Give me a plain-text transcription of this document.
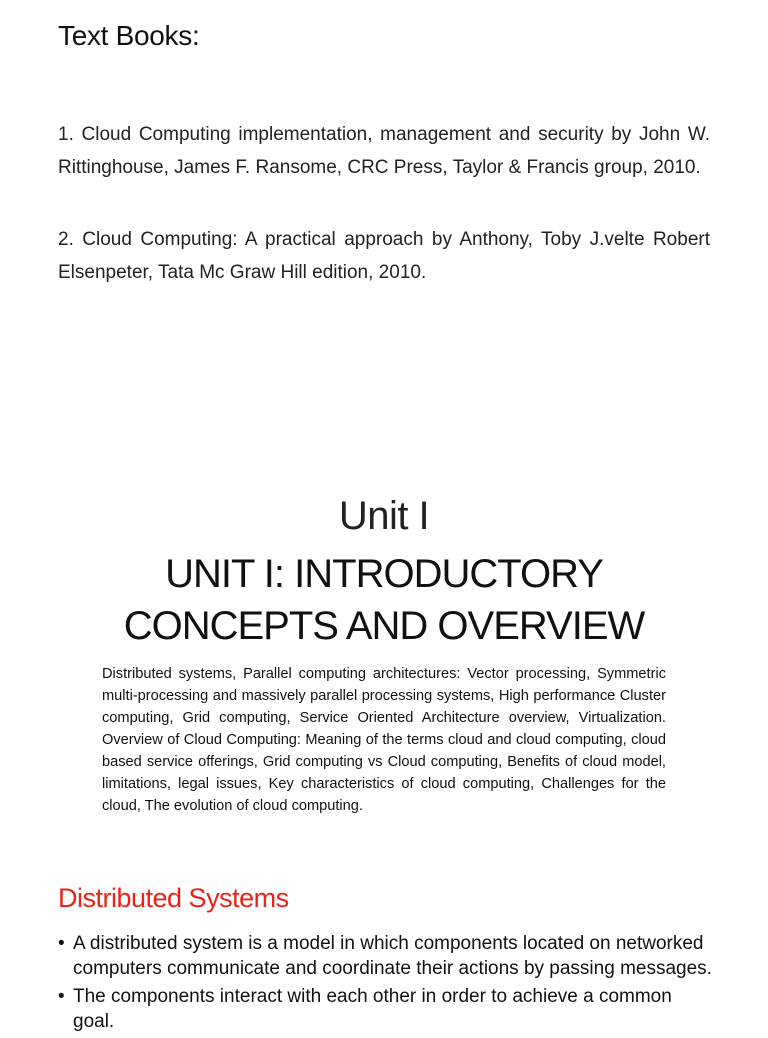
Text Books:
1. Cloud Computing implementation, management and security by John W. Rittinghouse, James F. Ransome, CRC Press, Taylor & Francis group, 2010.
2. Cloud Computing: A practical approach by Anthony, Toby J.velte Robert Elsenpeter, Tata Mc Graw Hill edition, 2010.
Unit I
UNIT I: INTRODUCTORY
CONCEPTS AND OVERVIEW
Distributed systems, Parallel computing architectures: Vector processing, Symmetric multi-processing and massively parallel processing systems, High performance Cluster computing, Grid computing, Service Oriented Architecture overview, Virtualization. Overview of Cloud Computing: Meaning of the terms cloud and cloud computing, cloud based service offerings, Grid computing vs Cloud computing, Benefits of cloud model, limitations, legal issues, Key characteristics of cloud computing, Challenges for the cloud, The evolution of cloud computing.
Distributed Systems
• A distributed system is a model in which components located on networked computers communicate and coordinate their actions by passing messages.
• The components interact with each other in order to achieve a common goal.
